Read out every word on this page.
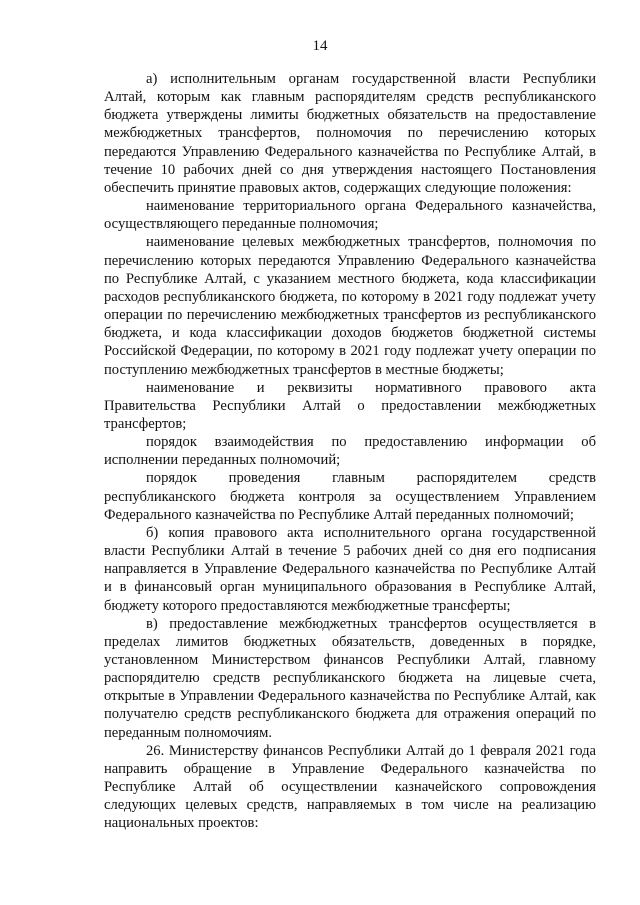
14

а) исполнительным органам государственной власти Республики Алтай, которым как главным распорядителям средств республиканского бюджета утверждены лимиты бюджетных обязательств на предоставление межбюджетных трансфертов, полномочия по перечислению которых передаются Управлению Федерального казначейства по Республике Алтай, в течение 10 рабочих дней со дня утверждения настоящего Постановления обеспечить принятие правовых актов, содержащих следующие положения:

наименование территориального органа Федерального казначейства, осуществляющего переданные полномочия;

наименование целевых межбюджетных трансфертов, полномочия по перечислению которых передаются Управлению Федерального казначейства по Республике Алтай, с указанием местного бюджета, кода классификации расходов республиканского бюджета, по которому в 2021 году подлежат учету операции по перечислению межбюджетных трансфертов из республиканского бюджета, и кода классификации доходов бюджетов бюджетной системы Российской Федерации, по которому в 2021 году подлежат учету операции по поступлению межбюджетных трансфертов в местные бюджеты;

наименование и реквизиты нормативного правового акта Правительства Республики Алтай о предоставлении межбюджетных трансфертов;

порядок взаимодействия по предоставлению информации об исполнении переданных полномочий;

порядок проведения главным распорядителем средств республиканского бюджета контроля за осуществлением Управлением Федерального казначейства по Республике Алтай переданных полномочий;

б) копия правового акта исполнительного органа государственной власти Республики Алтай в течение 5 рабочих дней со дня его подписания направляется в Управление Федерального казначейства по Республике Алтай и в финансовый орган муниципального образования в Республике Алтай, бюджету которого предоставляются межбюджетные трансферты;

в) предоставление межбюджетных трансфертов осуществляется в пределах лимитов бюджетных обязательств, доведенных в порядке, установленном Министерством финансов Республики Алтай, главному распорядителю средств республиканского бюджета на лицевые счета, открытые в Управлении Федерального казначейства по Республике Алтай, как получателю средств республиканского бюджета для отражения операций по переданным полномочиям.

26. Министерству финансов Республики Алтай до 1 февраля 2021 года направить обращение в Управление Федерального казначейства по Республике Алтай об осуществлении казначейского сопровождения следующих целевых средств, направляемых в том числе на реализацию национальных проектов:
